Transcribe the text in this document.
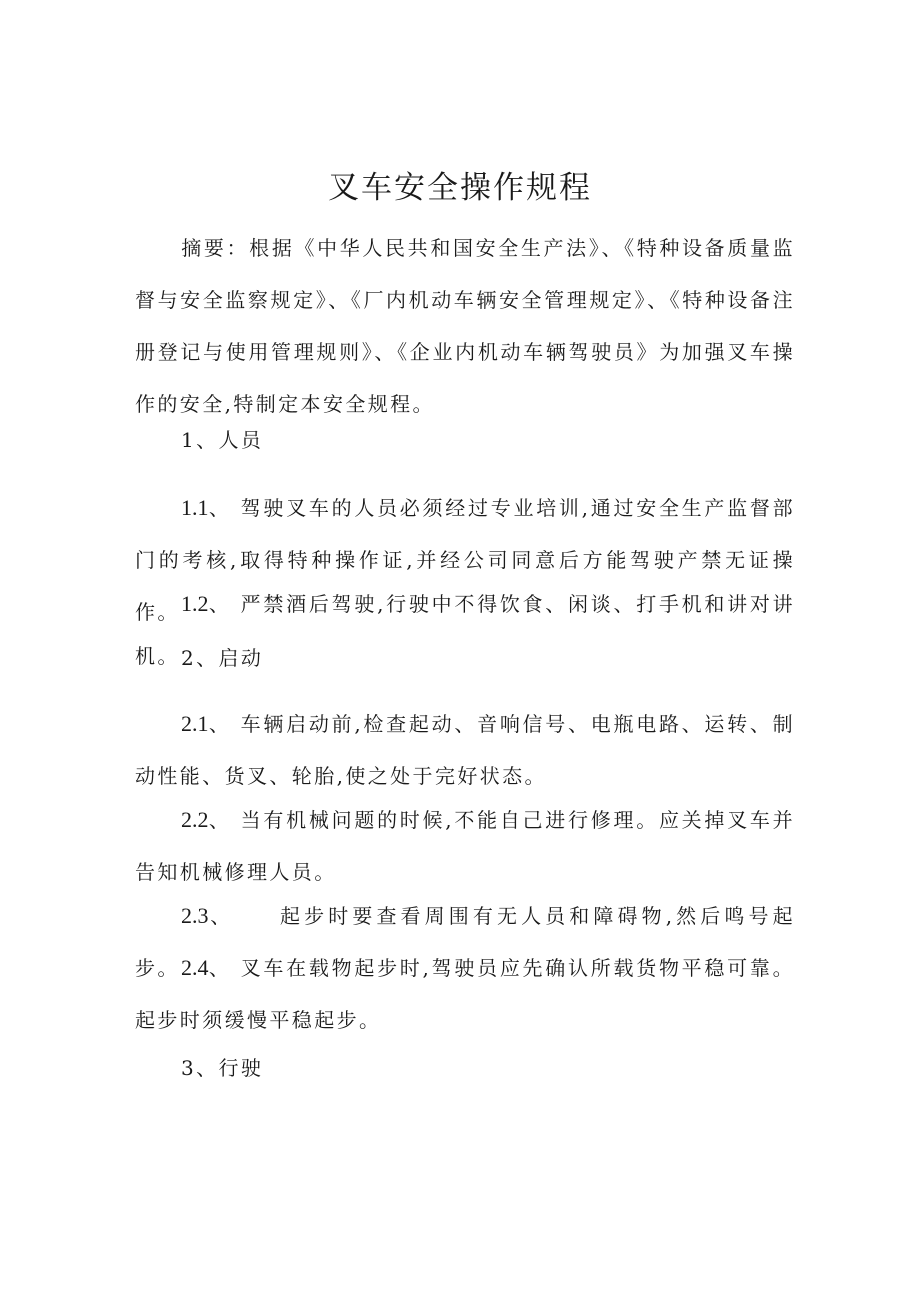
叉车安全操作规程

摘要：根据《中华人民共和国安全生产法》、《特种设备质量监督与安全监察规定》、《厂内机动车辆安全管理规定》、《特种设备注册登记与使用管理规则》、《企业内机动车辆驾驶员》为加强叉车操作的安全,特制定本安全规程。

1、人员

1.1、 驾驶叉车的人员必须经过专业培训,通过安全生产监督部门的考核,取得特种操作证,并经公司同意后方能驾驶产禁无证操作。 1.2、 严禁酒后驾驶,行驶中不得饮食、闲谈、打手机和讲对讲机。 2、启动

2.1、 车辆启动前,检查起动、音响信号、电瓶电路、运转、制动性能、货叉、轮胎,使之处于完好状态。

2.2、 当有机械问题的时候,不能自己进行修理。应关掉叉车并告知机械修理人员。

2.3、 起步时要查看周围有无人员和障碍物,然后鸣号起步。 2.4、 叉车在载物起步时,驾驶员应先确认所载货物平稳可靠。起步时须缓慢平稳起步。

3、行驶
